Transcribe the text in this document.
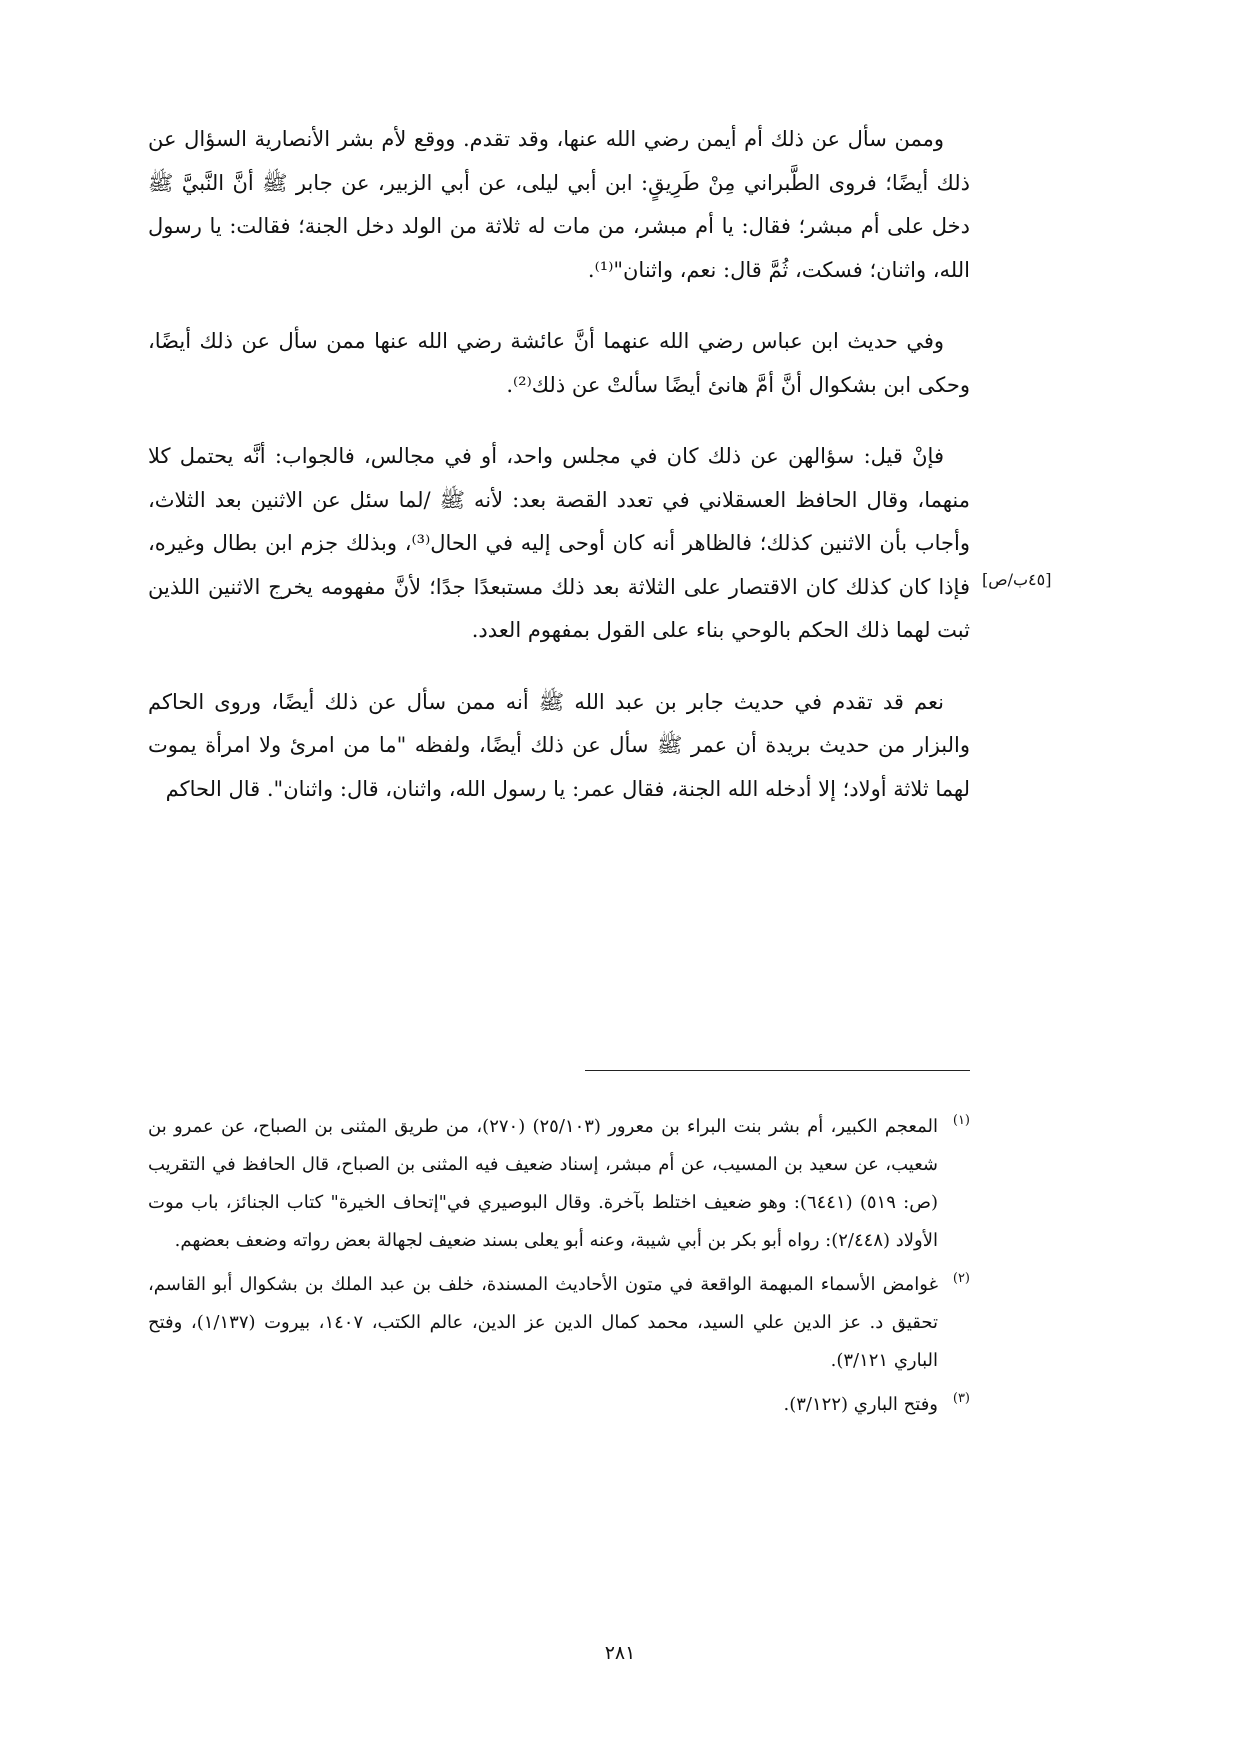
وممن سأل عن ذلك أم أيمن رضي الله عنها، وقد تقدم. ووقع لأم بشر الأنصارية السؤال عن ذلك أيضًا؛ فروى الطَّبراني مِنْ طَرِيقٍ: ابن أبي ليلى، عن أبي الزبير، عن جابر ﷺ أنَّ النَّبيَّ ﷺ دخل على أم مبشر؛ فقال: يا أم مبشر، من مات له ثلاثة من الولد دخل الجنة؛ فقالت: يا رسول الله، واثنان؛ فسكت، ثُمَّ قال: نعم، واثنان"⁽¹⁾.

وفي حديث ابن عباس رضي الله عنهما أنَّ عائشة رضي الله عنها ممن سأل عن ذلك أيضًا، وحكى ابن بشكوال أنَّ أمَّ هانئ أيضًا سألتْ عن ذلك⁽²⁾.

فإنْ قيل: سؤالهن عن ذلك كان في مجلس واحد، أو في مجالس، فالجواب: أنَّه يحتمل كلا منهما، وقال الحافظ العسقلاني في تعدد القصة بعد: لأنه ﷺ /لما سئل عن الاثنين بعد الثلاث، وأجاب بأن الاثنين كذلك؛ فالظاهر أنه كان أوحى إليه في الحال⁽³⁾، وبذلك جزم ابن بطال وغيره، فإذا كان كذلك كان الاقتصار على الثلاثة بعد ذلك مستبعدًا جدًا؛ لأنَّ مفهومه يخرج الاثنين اللذين ثبت لهما ذلك الحكم بالوحي بناء على القول بمفهوم العدد.

نعم قد تقدم في حديث جابر بن عبد الله ﷺ أنه ممن سأل عن ذلك أيضًا، وروى الحاكم والبزار من حديث بريدة أن عمر ﷺ سأل عن ذلك أيضًا، ولفظه "ما من امرئ ولا امرأة يموت لهما ثلاثة أولاد؛ إلا أدخله الله الجنة، فقال عمر: يا رسول الله، واثنان، قال: واثنان". قال الحاكم

[٤٥ب/ص]
(١)
المعجم الكبير، أم بشر بنت البراء بن معرور (٢٥/١٠٣) (٢٧٠)، من طريق المثنى بن الصباح، عن عمرو بن شعيب، عن سعيد بن المسيب، عن أم مبشر، إسناد ضعيف فيه المثنى بن الصباح، قال الحافظ في التقريب (ص: ٥١٩) (٦٤٤١): وهو ضعيف اختلط بآخرة. وقال البوصيري في"إتحاف الخيرة" كتاب الجنائز، باب موت الأولاد (٢/٤٤٨): رواه أبو بكر بن أبي شيبة، وعنه أبو يعلى بسند ضعيف لجهالة بعض رواته وضعف بعضهم.
(٢)
غوامض الأسماء المبهمة الواقعة في متون الأحاديث المسندة، خلف بن عبد الملك بن بشكوال أبو القاسم، تحقيق د. عز الدين علي السيد، محمد كمال الدين عز الدين، عالم الكتب، ١٤٠٧، بيروت (١/١٣٧)، وفتح الباري ٣/١٢١).
(٣)
وفتح الباري (٣/١٢٢).
٢٨١
